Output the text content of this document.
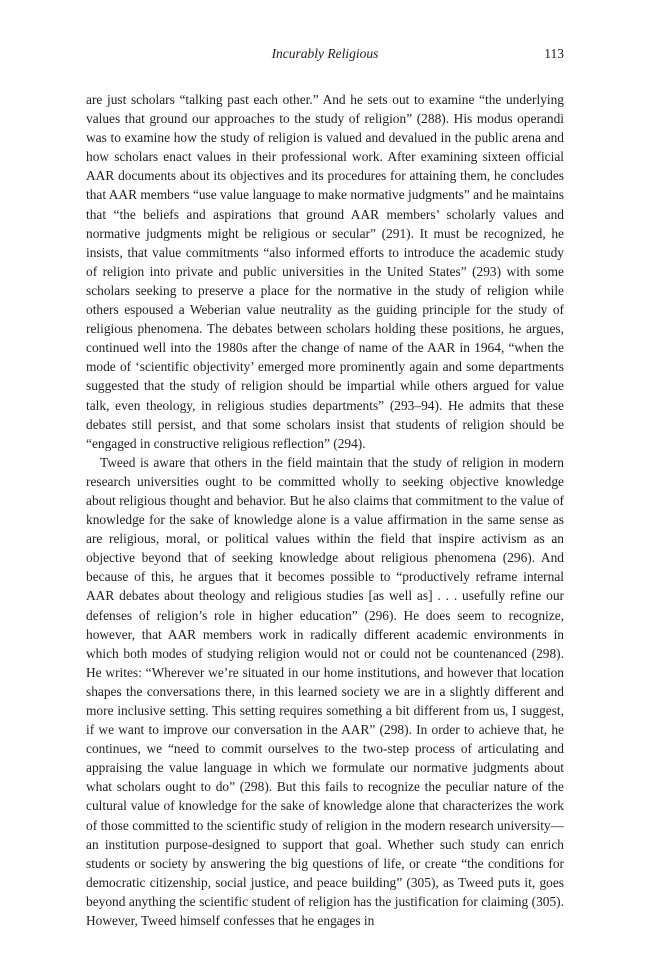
Incurably Religious	113

are just scholars “talking past each other.” And he sets out to examine “the underlying values that ground our approaches to the study of religion” (288). His modus operandi was to examine how the study of religion is valued and devalued in the public arena and how scholars enact values in their professional work. After examining sixteen official AAR documents about its objectives and its procedures for attaining them, he concludes that AAR members “use value language to make normative judgments” and he maintains that “the beliefs and aspirations that ground AAR members’ scholarly values and normative judgments might be religious or secular” (291). It must be recognized, he insists, that value commitments “also informed efforts to introduce the academic study of religion into private and public universities in the United States” (293) with some scholars seeking to preserve a place for the normative in the study of religion while others espoused a Weberian value neutrality as the guiding principle for the study of religious phenomena. The debates between scholars holding these positions, he argues, continued well into the 1980s after the change of name of the AAR in 1964, “when the mode of ‘scientific objectivity’ emerged more prominently again and some departments suggested that the study of religion should be impartial while others argued for value talk, even theology, in religious studies departments” (293–94). He admits that these debates still persist, and that some scholars insist that students of religion should be “engaged in constructive religious reflection” (294).

Tweed is aware that others in the field maintain that the study of religion in modern research universities ought to be committed wholly to seeking objective knowledge about religious thought and behavior. But he also claims that commitment to the value of knowledge for the sake of knowledge alone is a value affirmation in the same sense as are religious, moral, or political values within the field that inspire activism as an objective beyond that of seeking knowledge about religious phenomena (296). And because of this, he argues that it becomes possible to “productively reframe internal AAR debates about theology and religious studies [as well as] . . . usefully refine our defenses of religion’s role in higher education” (296). He does seem to recognize, however, that AAR members work in radically different academic environments in which both modes of studying religion would not or could not be countenanced (298). He writes: “Wherever we’re situated in our home institutions, and however that location shapes the conversations there, in this learned society we are in a slightly different and more inclusive setting. This setting requires something a bit different from us, I suggest, if we want to improve our conversation in the AAR” (298). In order to achieve that, he continues, we “need to commit ourselves to the two-step process of articulating and appraising the value language in which we formulate our normative judgments about what scholars ought to do” (298). But this fails to recognize the peculiar nature of the cultural value of knowledge for the sake of knowledge alone that characterizes the work of those committed to the scientific study of religion in the modern research university—an institution purpose-designed to support that goal. Whether such study can enrich students or society by answering the big questions of life, or create “the conditions for democratic citizenship, social justice, and peace building” (305), as Tweed puts it, goes beyond anything the scientific student of religion has the justification for claiming (305). However, Tweed himself confesses that he engages in
